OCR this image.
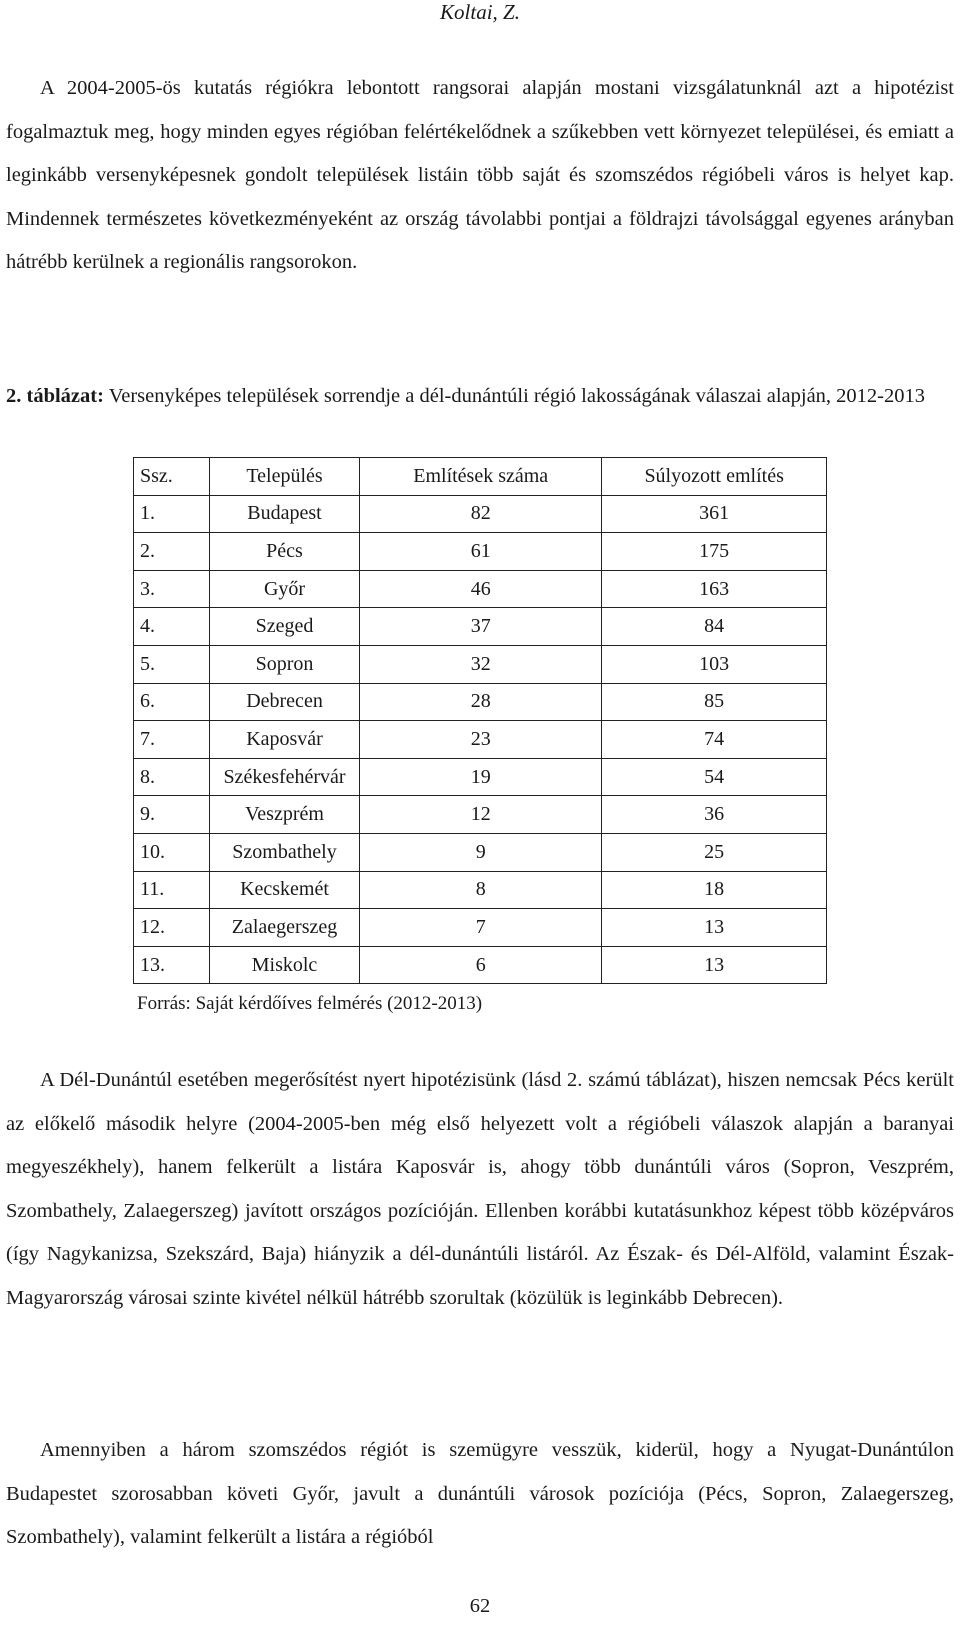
Koltai, Z.

A 2004-2005-ös kutatás régiókra lebontott rangsorai alapján mostani vizsgálatunknál azt a hipotézist fogalmaztuk meg, hogy minden egyes régióban felértékelődnek a szűkebben vett környezet települései, és emiatt a leginkább versenyképesnek gondolt települések listáin több saját és szomszédos régióbeli város is helyet kap. Mindennek természetes következményeként az ország távolabbi pontjai a földrajzi távolsággal egyenes arányban hátrébb kerülnek a regionális rangsorokon.

2. táblázat: Versenyképes települések sorrendje a dél-dunántúli régió lakosságának válaszai alapján, 2012-2013

Ssz.	Település	Említések száma	Súlyozott említés
1.	Budapest	82	361
2.	Pécs	61	175
3.	Győr	46	163
4.	Szeged	37	84
5.	Sopron	32	103
6.	Debrecen	28	85
7.	Kaposvár	23	74
8.	Székesfehérvár	19	54
9.	Veszprém	12	36
10.	Szombathely	9	25
11.	Kecskemét	8	18
12.	Zalaegerszeg	7	13
13.	Miskolc	6	13
Forrás: Saját kérdőíves felmérés (2012-2013)

A Dél-Dunántúl esetében megerősítést nyert hipotézisünk (lásd 2. számú táblázat), hiszen nemcsak Pécs került az előkelő második helyre (2004-2005-ben még első helyezett volt a régióbeli válaszok alapján a baranyai megyeszékhely), hanem felkerült a listára Kaposvár is, ahogy több dunántúli város (Sopron, Veszprém, Szombathely, Zalaegerszeg) javított országos pozícióján. Ellenben korábbi kutatásunkhoz képest több középváros (így Nagykanizsa, Szekszárd, Baja) hiányzik a dél-dunántúli listáról. Az Észak- és Dél-Alföld, valamint Észak-Magyarország városai szinte kivétel nélkül hátrébb szorultak (közülük is leginkább Debrecen).

Amennyiben a három szomszédos régiót is szemügyre vesszük, kiderül, hogy a Nyugat-Dunántúlon Budapestet szorosabban követi Győr, javult a dunántúli városok pozíciója (Pécs, Sopron, Zalaegerszeg, Szombathely), valamint felkerült a listára a régióból

62
